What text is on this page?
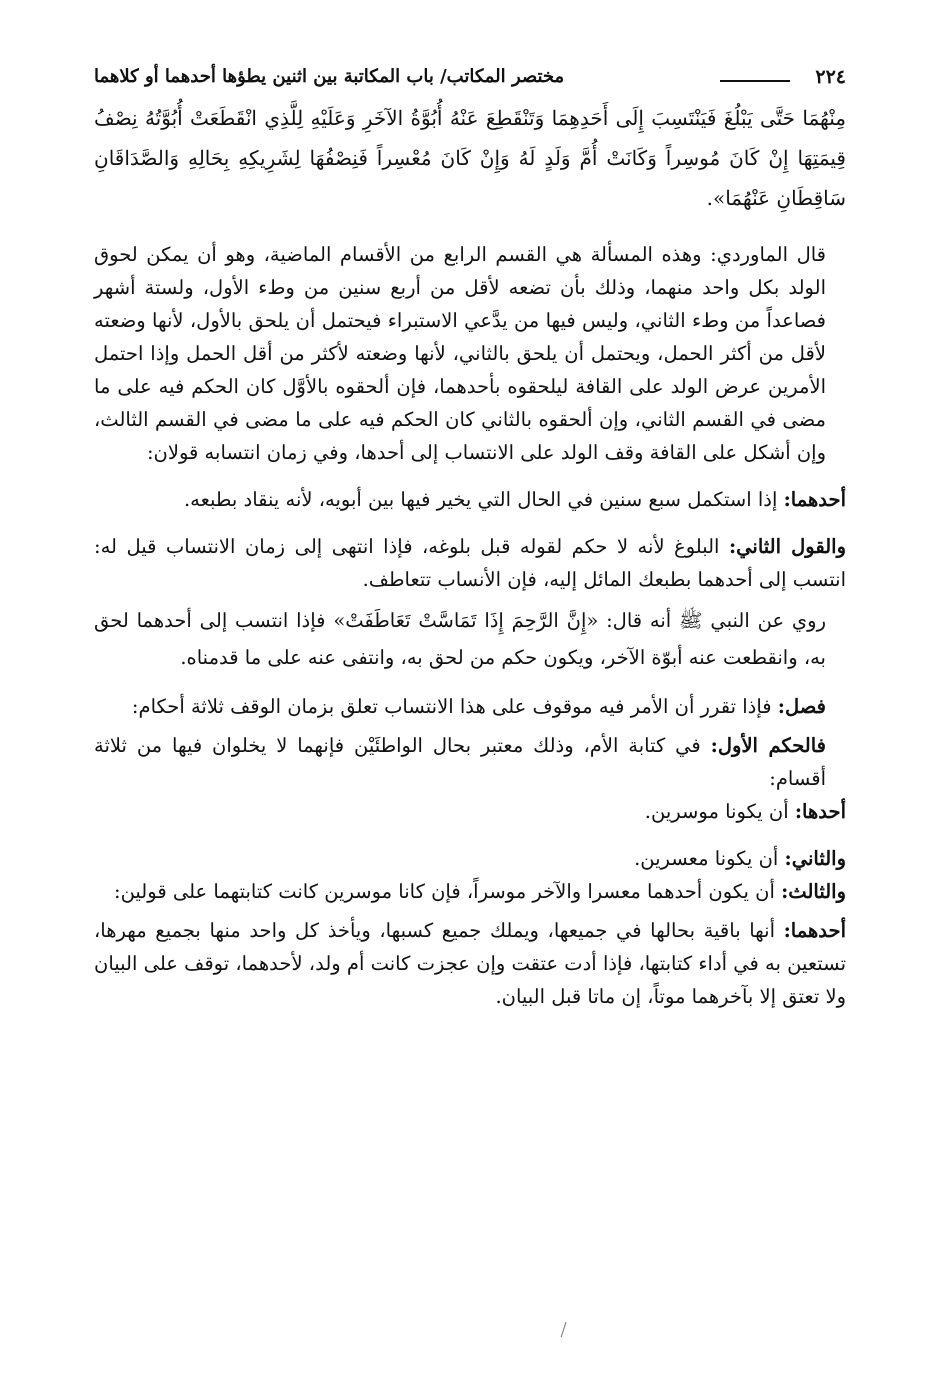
٢٢٤
مختصر المكاتب/ باب المكاتبة بين اثنين يطؤها أحدهما أو كلاهما

مِنْهُمَا حَتَّى يَبْلُغَ فَيَنْتَسِبَ إِلَى أَحَدِهِمَا وَتَنْقَطِعَ عَنْهُ أُبُوَّةُ الآخَرِ وَعَلَيْهِ لِلَّذِي انْقَطَعَتْ أُبُوَّتُهُ نِصْفُ قِيمَتِهَا إِنْ كَانَ مُوسِراً وَكَانَتْ أُمَّ وَلَدٍ لَهُ وَإِنْ كَانَ مُعْسِراً فَنِصْفُهَا لِشَرِيكِهِ بِحَالِهِ وَالصَّدَاقَانِ سَاقِطَانِ عَنْهُمَا».

قال الماوردي: وهذه المسألة هي القسم الرابع من الأقسام الماضية، وهو أن يمكن لحوق الولد بكل واحد منهما، وذلك بأن تضعه لأقل من أربع سنين من وطء الأول، ولستة أشهر فصاعداً من وطء الثاني، وليس فيها من يدَّعي الاستبراء فيحتمل أن يلحق بالأول، لأنها وضعته لأقل من أكثر الحمل، ويحتمل أن يلحق بالثاني، لأنها وضعته لأكثر من أقل الحمل وإذا احتمل الأمرين عرض الولد على القافة ليلحقوه بأحدهما، فإن ألحقوه بالأوَّل كان الحكم فيه على ما مضى في القسم الثاني، وإن ألحقوه بالثاني كان الحكم فيه على ما مضى في القسم الثالث، وإن أشكل على القافة وقف الولد على الانتساب إلى أحدها، وفي زمان انتسابه قولان:

أحدهما: إذا استكمل سبع سنين في الحال التي يخير فيها بين أبويه، لأنه ينقاد بطبعه.

والقول الثاني: البلوغ لأنه لا حكم لقوله قبل بلوغه، فإذا انتهى إلى زمان الانتساب قيل له: انتسب إلى أحدهما بطبعك المائل إليه، فإن الأنساب تتعاطف.

روي عن النبي ﷺ أنه قال: «إِنَّ الرَّحِمَ إِذَا تَمَاسَّتْ تَعَاطَفَتْ» فإذا انتسب إلى أحدهما لحق به، وانقطعت عنه أبوّة الآخر، ويكون حكم من لحق به، وانتفى عنه على ما قدمناه.

فصل: فإذا تقرر أن الأمر فيه موقوف على هذا الانتساب تعلق بزمان الوقف ثلاثة أحكام:

فالحكم الأول: في كتابة الأم، وذلك معتبر بحال الواطئَيْن فإنهما لا يخلوان فيها من ثلاثة أقسام:

أحدها: أن يكونا موسرين.

والثاني: أن يكونا معسرين.

والثالث: أن يكون أحدهما معسرا والآخر موسراً، فإن كانا موسرين كانت كتابتهما على قولين:

أحدهما: أنها باقية بحالها في جميعها، ويملك جميع كسبها، ويأخذ كل واحد منها بجميع مهرها، تستعين به في أداء كتابتها، فإذا أدت عتقت وإن عجزت كانت أم ولد، لأحدهما، توقف على البيان ولا تعتق إلا بآخرهما موتاً، إن ماتا قبل البيان.
